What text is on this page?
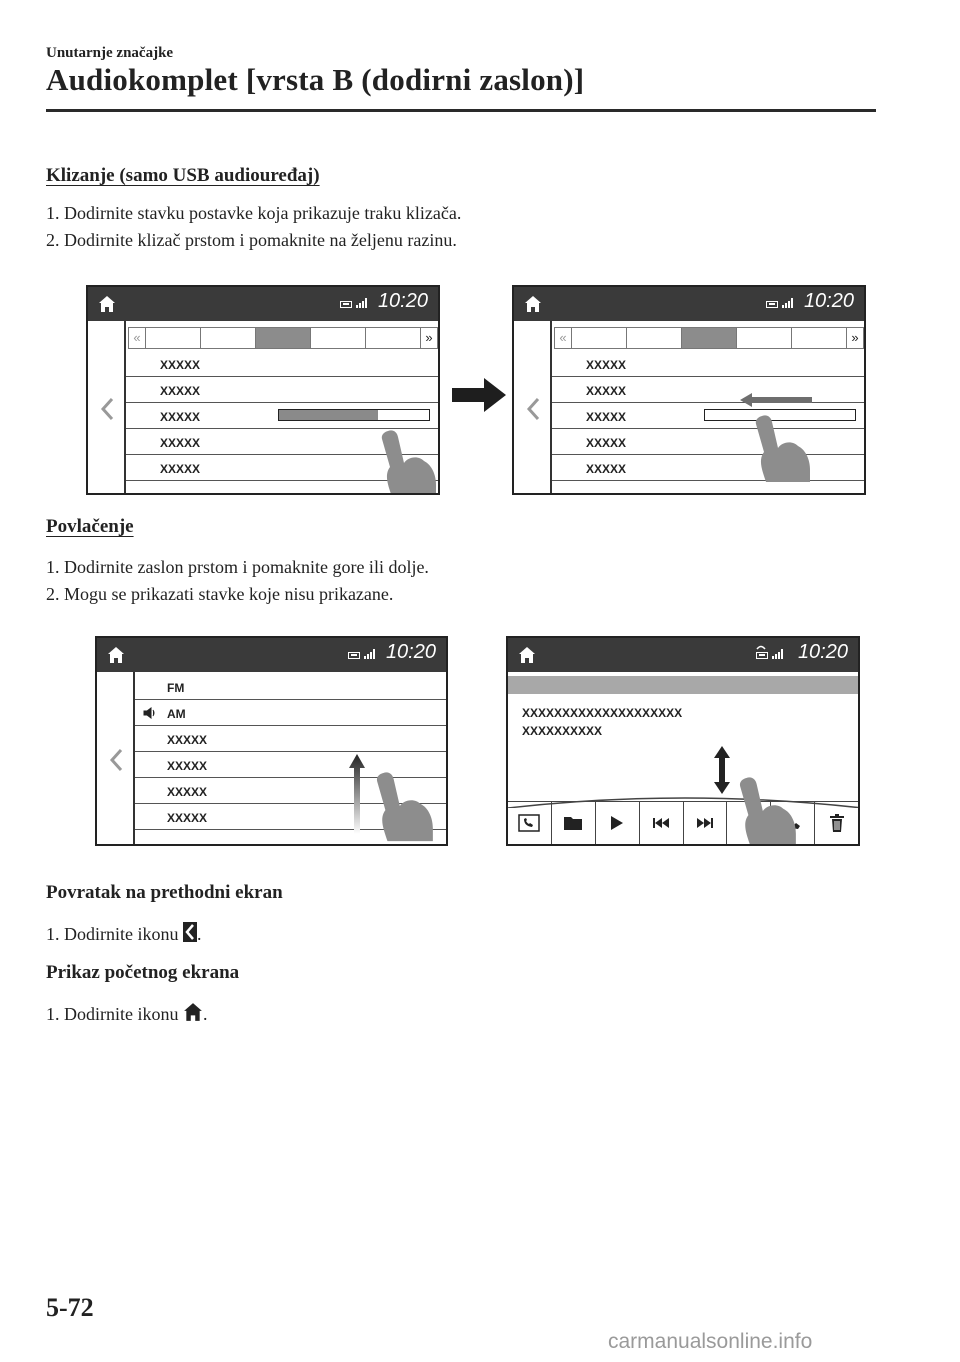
Unutarnje značajke
Audiokomplet [vrsta B (dodirni zaslon)]
Klizanje (samo USB audiouređaj)
1. Dodirnite stavku postavke koja prikazuje traku klizača.
2. Dodirnite klizač prstom i pomaknite na željenu razinu.
10:20
«	»
XXXXX
XXXXX
XXXXX
XXXXX
XXXXX
10:20
«	»
XXXXX
XXXXX
XXXXX
XXXXX
XXXXX
Povlačenje
1. Dodirnite zaslon prstom i pomaknite gore ili dolje.
2. Mogu se prikazati stavke koje nisu prikazane.
10:20
FM
AM
XXXXX
XXXXX
XXXXX
XXXXX
10:20
XXXXXXXXXXXXXXXXXXXX
XXXXXXXXXX
Povratak na prethodni ekran
1. Dodirnite ikonu .
Prikaz početnog ekrana
1. Dodirnite ikonu .
5-72
carmanualsonline.info
